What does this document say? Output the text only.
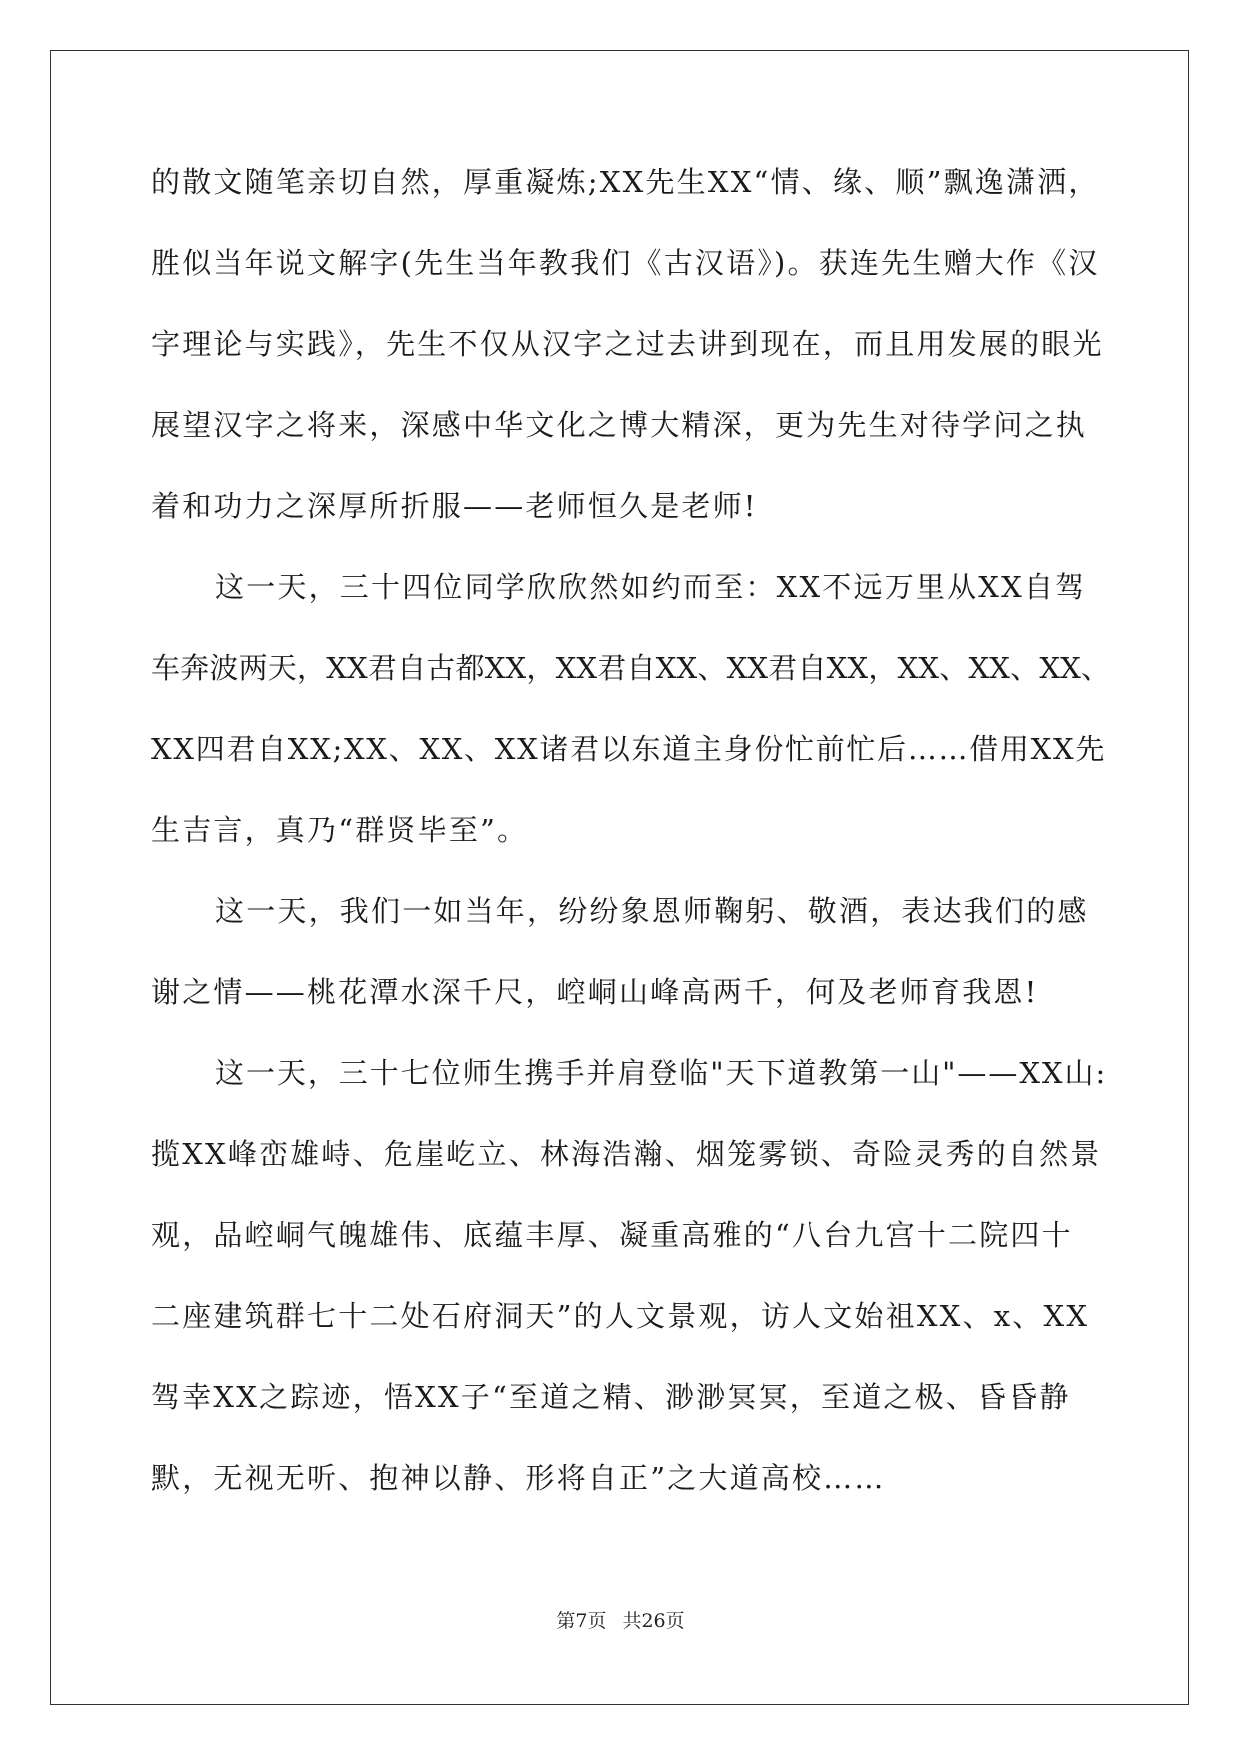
的散文随笔亲切自然，厚重凝炼;XX先生XX“情、缘、顺”飘逸潇洒，
胜似当年说文解字(先生当年教我们《古汉语》)。获连先生赠大作《汉
字理论与实践》，先生不仅从汉字之过去讲到现在，而且用发展的眼光
展望汉字之将来，深感中华文化之博大精深，更为先生对待学问之执
着和功力之深厚所折服——老师恒久是老师!
这一天，三十四位同学欣欣然如约而至：XX不远万里从XX自驾
车奔波两天，XX君自古都XX，XX君自XX、XX君自XX，XX、XX、XX、
XX四君自XX;XX、XX、XX诸君以东道主身份忙前忙后……借用XX先
生吉言，真乃“群贤毕至”。
这一天，我们一如当年，纷纷象恩师鞠躬、敬酒，表达我们的感
谢之情——桃花潭水深千尺，崆峒山峰高两千，何及老师育我恩!
这一天，三十七位师生携手并肩登临"天下道教第一山"——XX山:
揽XX峰峦雄峙、危崖屹立、林海浩瀚、烟笼雾锁、奇险灵秀的自然景
观，品崆峒气魄雄伟、底蕴丰厚、凝重高雅的“八台九宫十二院四十
二座建筑群七十二处石府洞天”的人文景观，访人文始祖XX、x、XX
驾幸XX之踪迹，悟XX子“至道之精、渺渺冥冥，至道之极、昏昏静
默，无视无听、抱神以静、形将自正”之大道高校……
第7页 共26页
